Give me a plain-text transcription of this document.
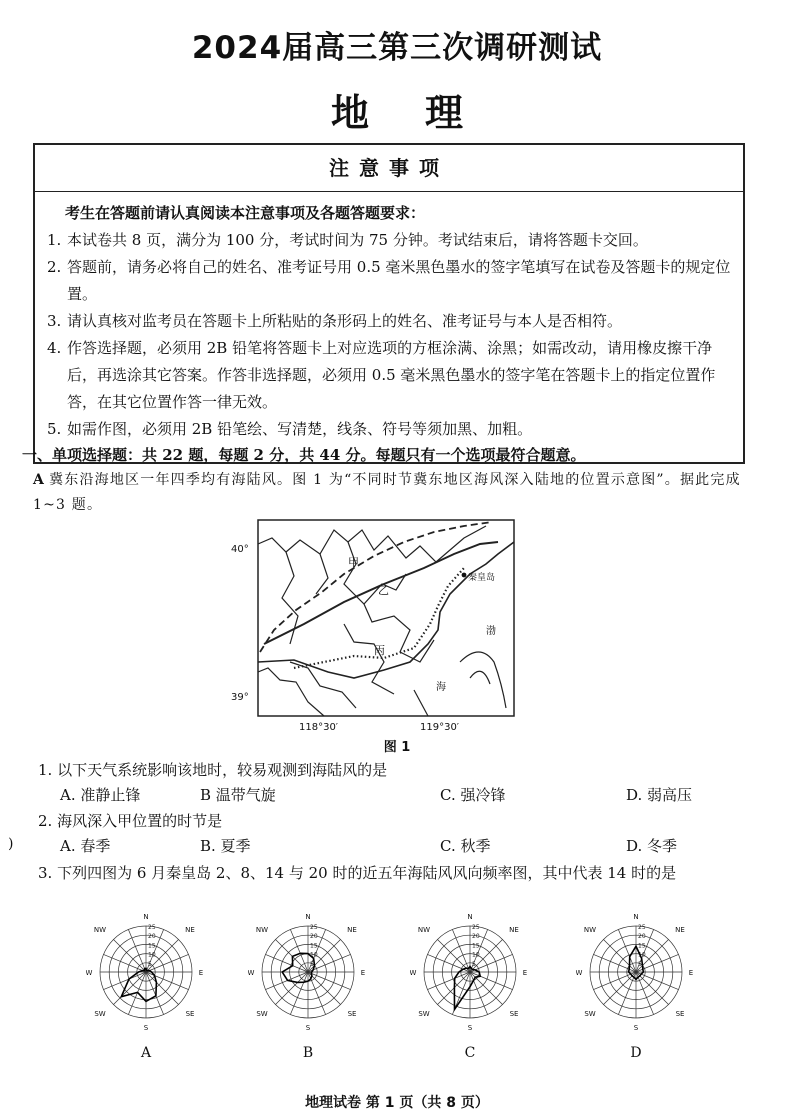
2024届高三第三次调研测试
地理
注意事项
考生在答题前请认真阅读本注意事项及各题答题要求：
1. 本试卷共 8 页，满分为 100 分，考试时间为 75 分钟。考试结束后，请将答题卡交回。
2. 答题前，请务必将自己的姓名、准考证号用 0.5 毫米黑色墨水的签字笔填写在试卷及答题卡的规定位置。
3. 请认真核对监考员在答题卡上所粘贴的条形码上的姓名、准考证号与本人是否相符。
4. 作答选择题，必须用 2B 铅笔将答题卡上对应选项的方框涂满、涂黑；如需改动，请用橡皮擦干净后，再选涂其它答案。作答非选择题，必须用 0.5 毫米黑色墨水的签字笔在答题卡上的指定位置作答，在其它位置作答一律无效。
5. 如需作图，必须用 2B 铅笔绘、写清楚，线条、符号等须加黑、加粗。
一、单项选择题：共 22 题，每题 2 分，共 44 分。每题只有一个选项最符合题意。
A 冀东沿海地区一年四季均有海陆风。图 1 为“不同时节冀东地区海风深入陆地的位置示意图”。据此完成 1~3 题。
40°
39°
118°30′	119°30′
甲
乙
丙
秦皇岛
渤
海
图 1
1. 以下天气系统影响该地时，较易观测到海陆风的是
A. 准静止锋	B 温带气旋	C. 强冷锋	D. 弱高压
2. 海风深入甲位置的时节是
A. 春季	B. 夏季	C. 秋季	D. 冬季
)
3. 下列四图为 6 月秦皇岛 2、8、14 与 20 时的近五年海陆风风向频率图，其中代表 14 时的是
25
20
15
10
5
N
NE
E
SE
S
SW
W
NW	25
20
15
10
5
N
NE
E
SE
S
SW
W
NW	25
20
15
10
5
N
NE
E
SE
S
SW
W
NW	25
20
15
10
5
N
NE
E
SE
S
SW
W
NW
A	B	C	D
地理试卷 第 1 页（共 8 页）
